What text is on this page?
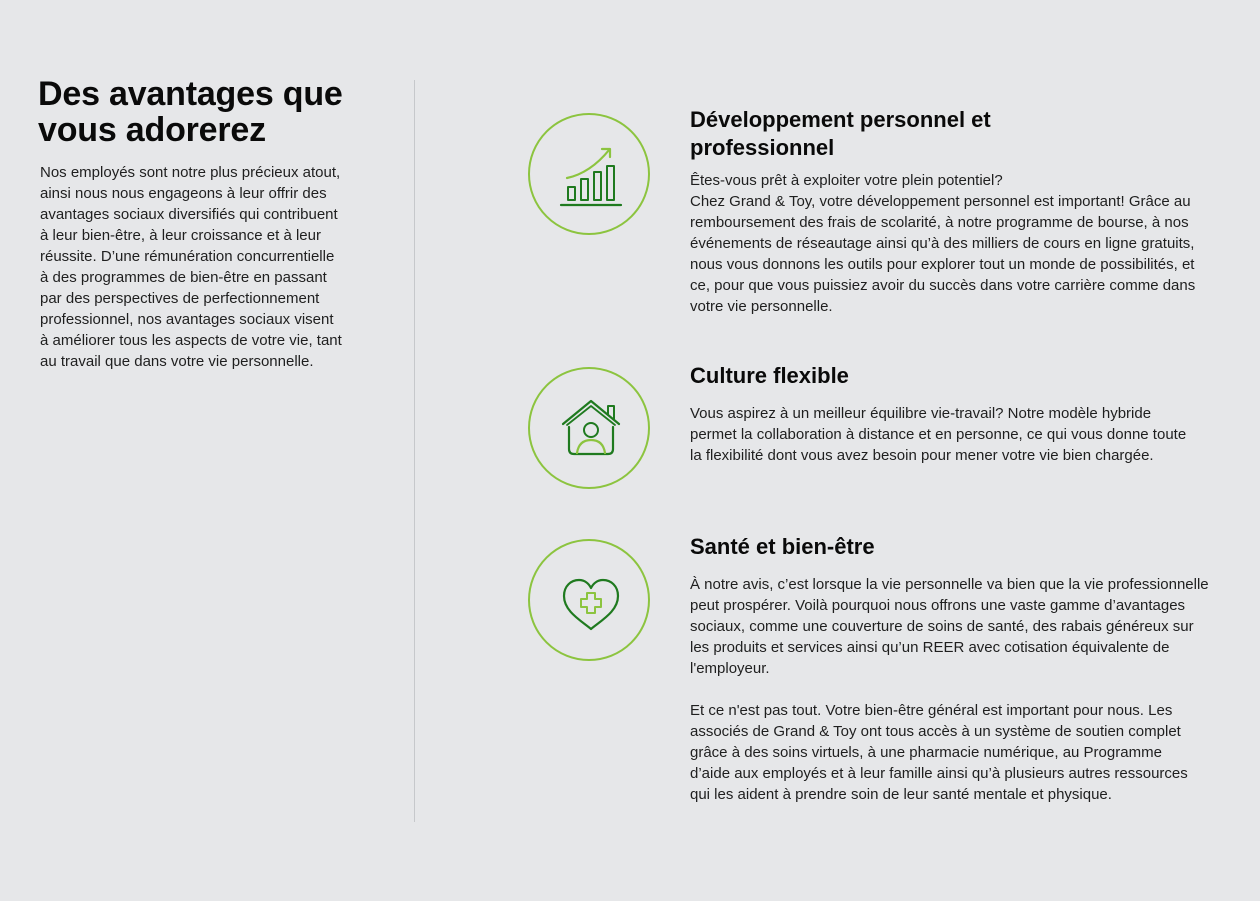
Des avantages que vous adorerez

Nos employés sont notre plus précieux atout, ainsi nous nous engageons à leur offrir des avantages sociaux diversifiés qui contribuent à leur bien-être, à leur croissance et à leur réussite. D’une rémunération concurrentielle à des programmes de bien-être en passant par des perspectives de perfectionnement professionnel, nos avantages sociaux visent à améliorer tous les aspects de votre vie, tant au travail que dans votre vie personnelle.

Développement personnel et professionnel

Êtes-vous prêt à exploiter votre plein potentiel?

Chez Grand & Toy, votre développement personnel est important! Grâce au remboursement des frais de scolarité, à notre programme de bourse, à nos événements de réseautage ainsi qu’à des milliers de cours en ligne gratuits, nous vous donnons les outils pour explorer tout un monde de possibilités, et ce, pour que vous puissiez avoir du succès dans votre carrière comme dans votre vie personnelle.

Culture flexible

Vous aspirez à un meilleur équilibre vie-travail? Notre modèle hybride permet la collaboration à distance et en personne, ce qui vous donne toute la flexibilité dont vous avez besoin pour mener votre vie bien chargée.

Santé et bien-être

À notre avis, c’est lorsque la vie personnelle va bien que la vie professionnelle peut prospérer. Voilà pourquoi nous offrons une vaste gamme d’avantages sociaux, comme une couverture de soins de santé, des rabais généreux sur les produits et services ainsi qu’un REER avec cotisation équivalente de l'employeur.

Et ce n'est pas tout. Votre bien-être général est important pour nous. Les associés de Grand & Toy ont tous accès à un système de soutien complet grâce à des soins virtuels, à une pharmacie numérique, au Programme d’aide aux employés et à leur famille ainsi qu’à plusieurs autres ressources qui les aident à prendre soin de leur santé mentale et physique.
